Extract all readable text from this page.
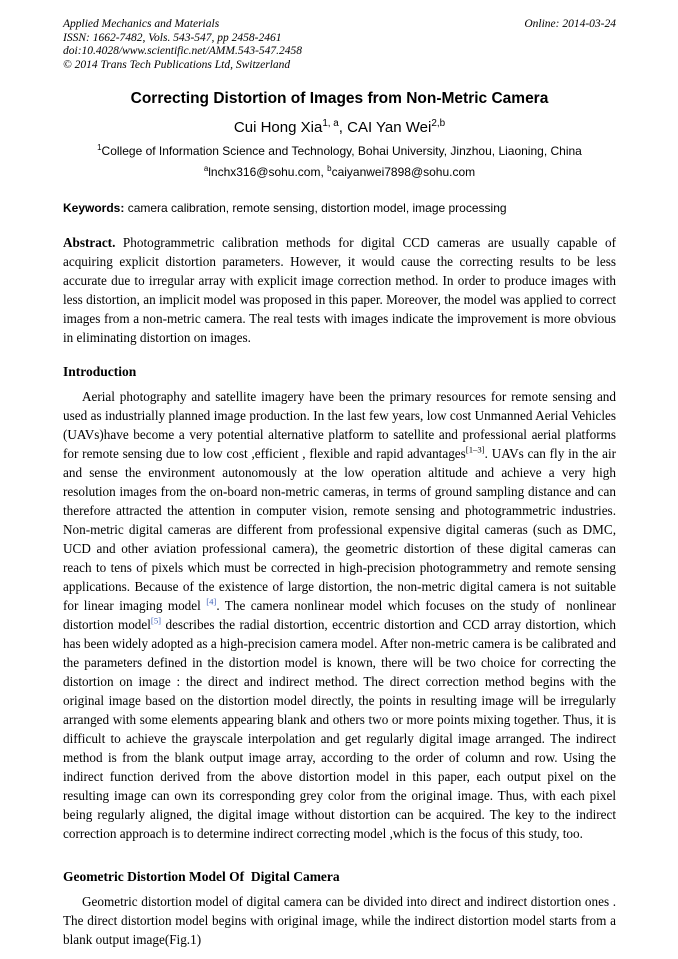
Applied Mechanics and Materials
ISSN: 1662-7482, Vols. 543-547, pp 2458-2461
doi:10.4028/www.scientific.net/AMM.543-547.2458
© 2014 Trans Tech Publications Ltd, Switzerland
Online: 2014-03-24
Correcting Distortion of Images from Non-Metric Camera

Cui Hong Xia$^{1, a}$, CAI Yan Wei$^{2,b}$

$^1$College of Information Science and Technology, Bohai University, Jinzhou, Liaoning, China

$^a$lnchx316@sohu.com, $^b$caiyanwei7898@sohu.com

Keywords: camera calibration, remote sensing, distortion model, image processing

Abstract. Photogrammetric calibration methods for digital CCD cameras are usually capable of acquiring explicit distortion parameters. However, it would cause the correcting results to be less accurate due to irregular array with explicit image correction method. In order to produce images with less distortion, an implicit model was proposed in this paper. Moreover, the model was applied to correct images from a non-metric camera. The real tests with images indicate the improvement is more obvious in eliminating distortion on images.

Introduction

Aerial photography and satellite imagery have been the primary resources for remote sensing and used as industrially planned image production. In the last few years, low cost Unmanned Aerial Vehicles (UAVs)have become a very potential alternative platform to satellite and professional aerial platforms for remote sensing due to low cost ,efficient , flexible and rapid advantages[1–3]. UAVs can fly in the air and sense the environment autonomously at the low operation altitude and achieve a very high resolution images from the on-board non-metric cameras, in terms of ground sampling distance and can therefore attracted the attention in computer vision, remote sensing and photogrammetric industries. Non-metric digital cameras are different from professional expensive digital cameras (such as DMC, UCD and other aviation professional camera), the geometric distortion of these digital cameras can reach to tens of pixels which must be corrected in high-precision photogrammetry and remote sensing applications. Because of the existence of large distortion, the non-metric digital camera is not suitable for linear imaging model [4]. The camera nonlinear model which focuses on the study of  nonlinear distortion model[5] describes the radial distortion, eccentric distortion and CCD array distortion, which has been widely adopted as a high-precision camera model. After non-metric camera is be calibrated and the parameters defined in the distortion model is known, there will be two choice for correcting the distortion on image : the direct and indirect method. The direct correction method begins with the original image based on the distortion model directly, the points in resulting image will be irregularly arranged with some elements appearing blank and others two or more points mixing together. Thus, it is difficult to achieve the grayscale interpolation and get regularly digital image arranged. The indirect method is from the blank output image array, according to the order of column and row. Using the indirect function derived from the above distortion model in this paper, each output pixel on the resulting image can own its corresponding grey color from the original image. Thus, with each pixel being regularly aligned, the digital image without distortion can be acquired. The key to the indirect correction approach is to determine indirect correcting model ,which is the focus of this study, too.

Geometric Distortion Model Of  Digital Camera

Geometric distortion model of digital camera can be divided into direct and indirect distortion ones . The direct distortion model begins with original image, while the indirect distortion model starts from a blank output image(Fig.1)
